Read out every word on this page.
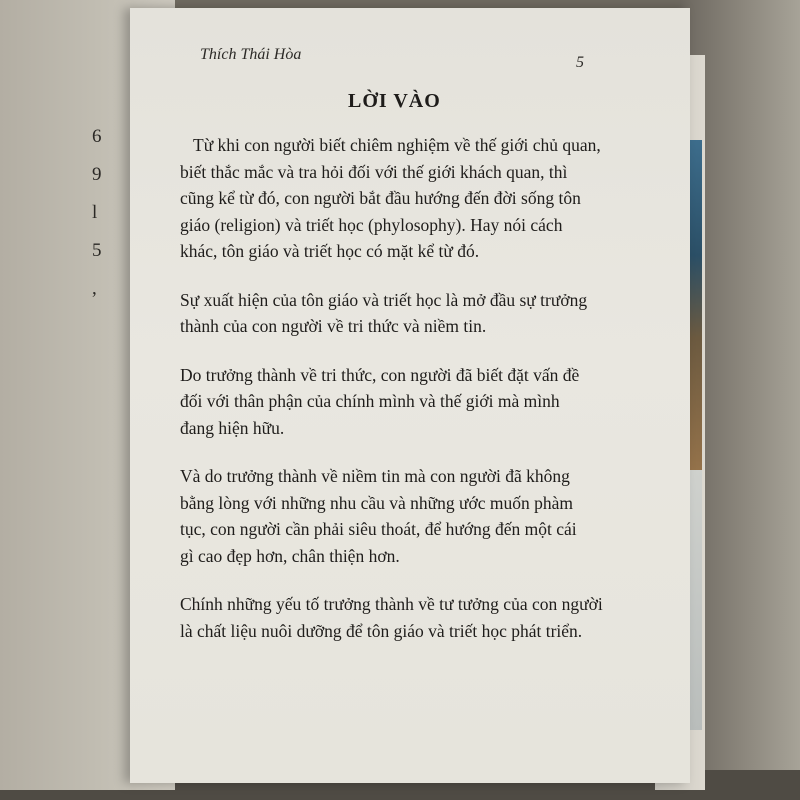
6
9
l
5
,
Thích Thái Hòa	5
LỜI VÀO
Từ khi con người biết chiêm nghiệm về thế giới chủ quan,
biết thắc mắc và tra hỏi đối với thế giới khách quan, thì
cũng kể từ đó, con người bắt đầu hướng đến đời sống tôn
giáo (religion) và triết học (phylosophy). Hay nói cách
khác, tôn giáo và triết học có mặt kể từ đó.
Sự xuất hiện của tôn giáo và triết học là mở đầu sự trưởng
thành của con người về tri thức và niềm tin.
Do trưởng thành về tri thức, con người đã biết đặt vấn đề
đối với thân phận của chính mình và thế giới mà mình
đang hiện hữu.
Và do trưởng thành về niềm tin mà con người đã không
bằng lòng với những nhu cầu và những ước muốn phàm
tục, con người cần phải siêu thoát, để hướng đến một cái
gì cao đẹp hơn, chân thiện hơn.
Chính những yếu tố trưởng thành về tư tưởng của con người
là chất liệu nuôi dưỡng để tôn giáo và triết học phát triển.
